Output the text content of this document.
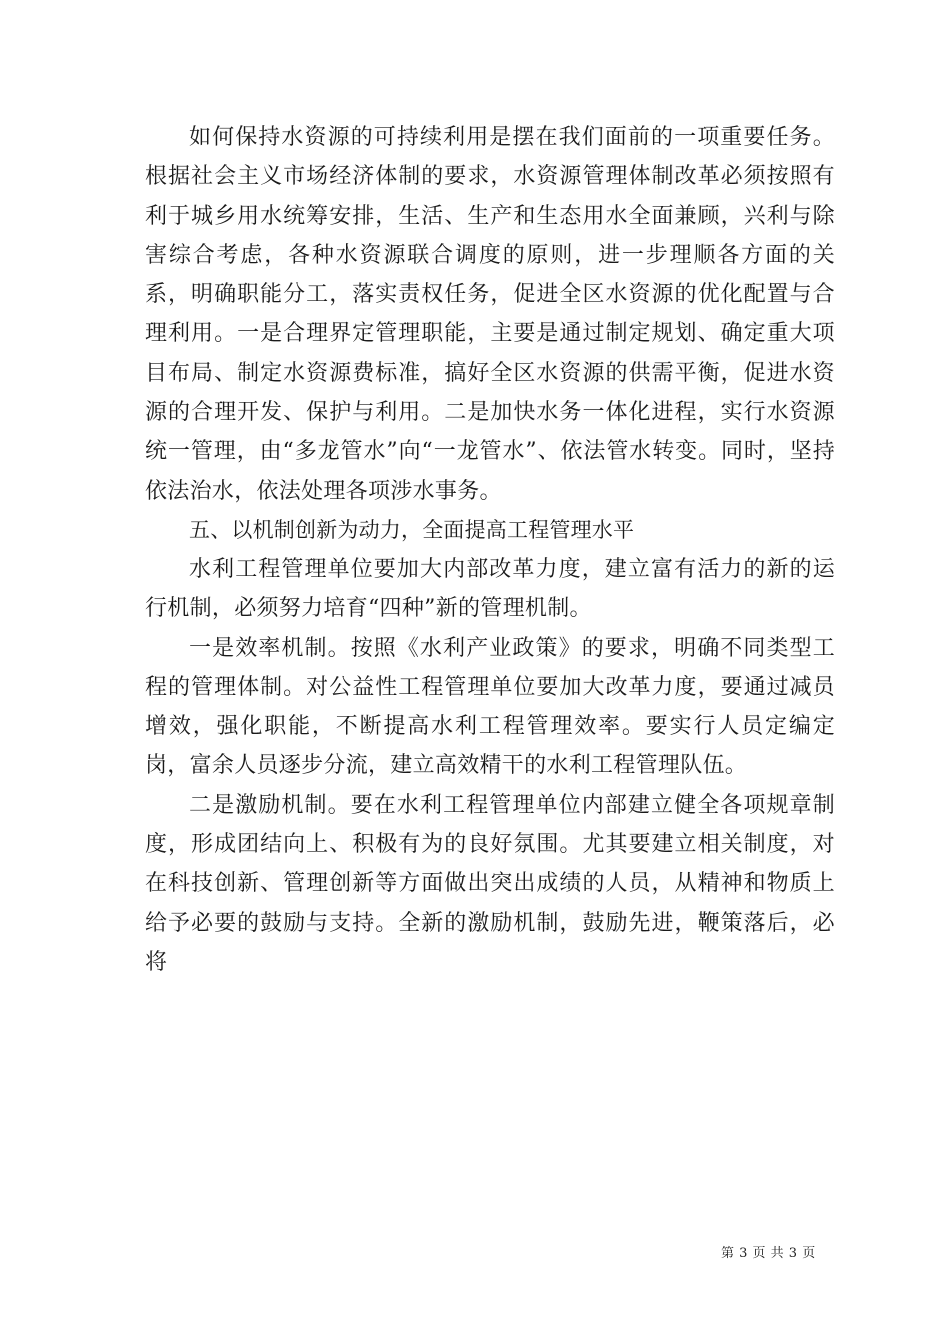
如何保持水资源的可持续利用是摆在我们面前的一项重要任务。根据社会主义市场经济体制的要求，水资源管理体制改革必须按照有利于城乡用水统筹安排，生活、生产和生态用水全面兼顾，兴利与除害综合考虑，各种水资源联合调度的原则，进一步理顺各方面的关系，明确职能分工，落实责权任务，促进全区水资源的优化配置与合理利用。一是合理界定管理职能，主要是通过制定规划、确定重大项目布局、制定水资源费标准，搞好全区水资源的供需平衡，促进水资源的合理开发、保护与利用。二是加快水务一体化进程，实行水资源统一管理，由“多龙管水”向“一龙管水”、依法管水转变。同时，坚持依法治水，依法处理各项涉水事务。

五、以机制创新为动力，全面提高工程管理水平

水利工程管理单位要加大内部改革力度，建立富有活力的新的运行机制，必须努力培育“四种”新的管理机制。

一是效率机制。按照《水利产业政策》的要求，明确不同类型工程的管理体制。对公益性工程管理单位要加大改革力度，要通过减员增效，强化职能，不断提高水利工程管理效率。要实行人员定编定岗，富余人员逐步分流，建立高效精干的水利工程管理队伍。

二是激励机制。要在水利工程管理单位内部建立健全各项规章制度，形成团结向上、积极有为的良好氛围。尤其要建立相关制度，对在科技创新、管理创新等方面做出突出成绩的人员，从精神和物质上给予必要的鼓励与支持。全新的激励机制，鼓励先进，鞭策落后，必将

第 3 页 共 3 页
